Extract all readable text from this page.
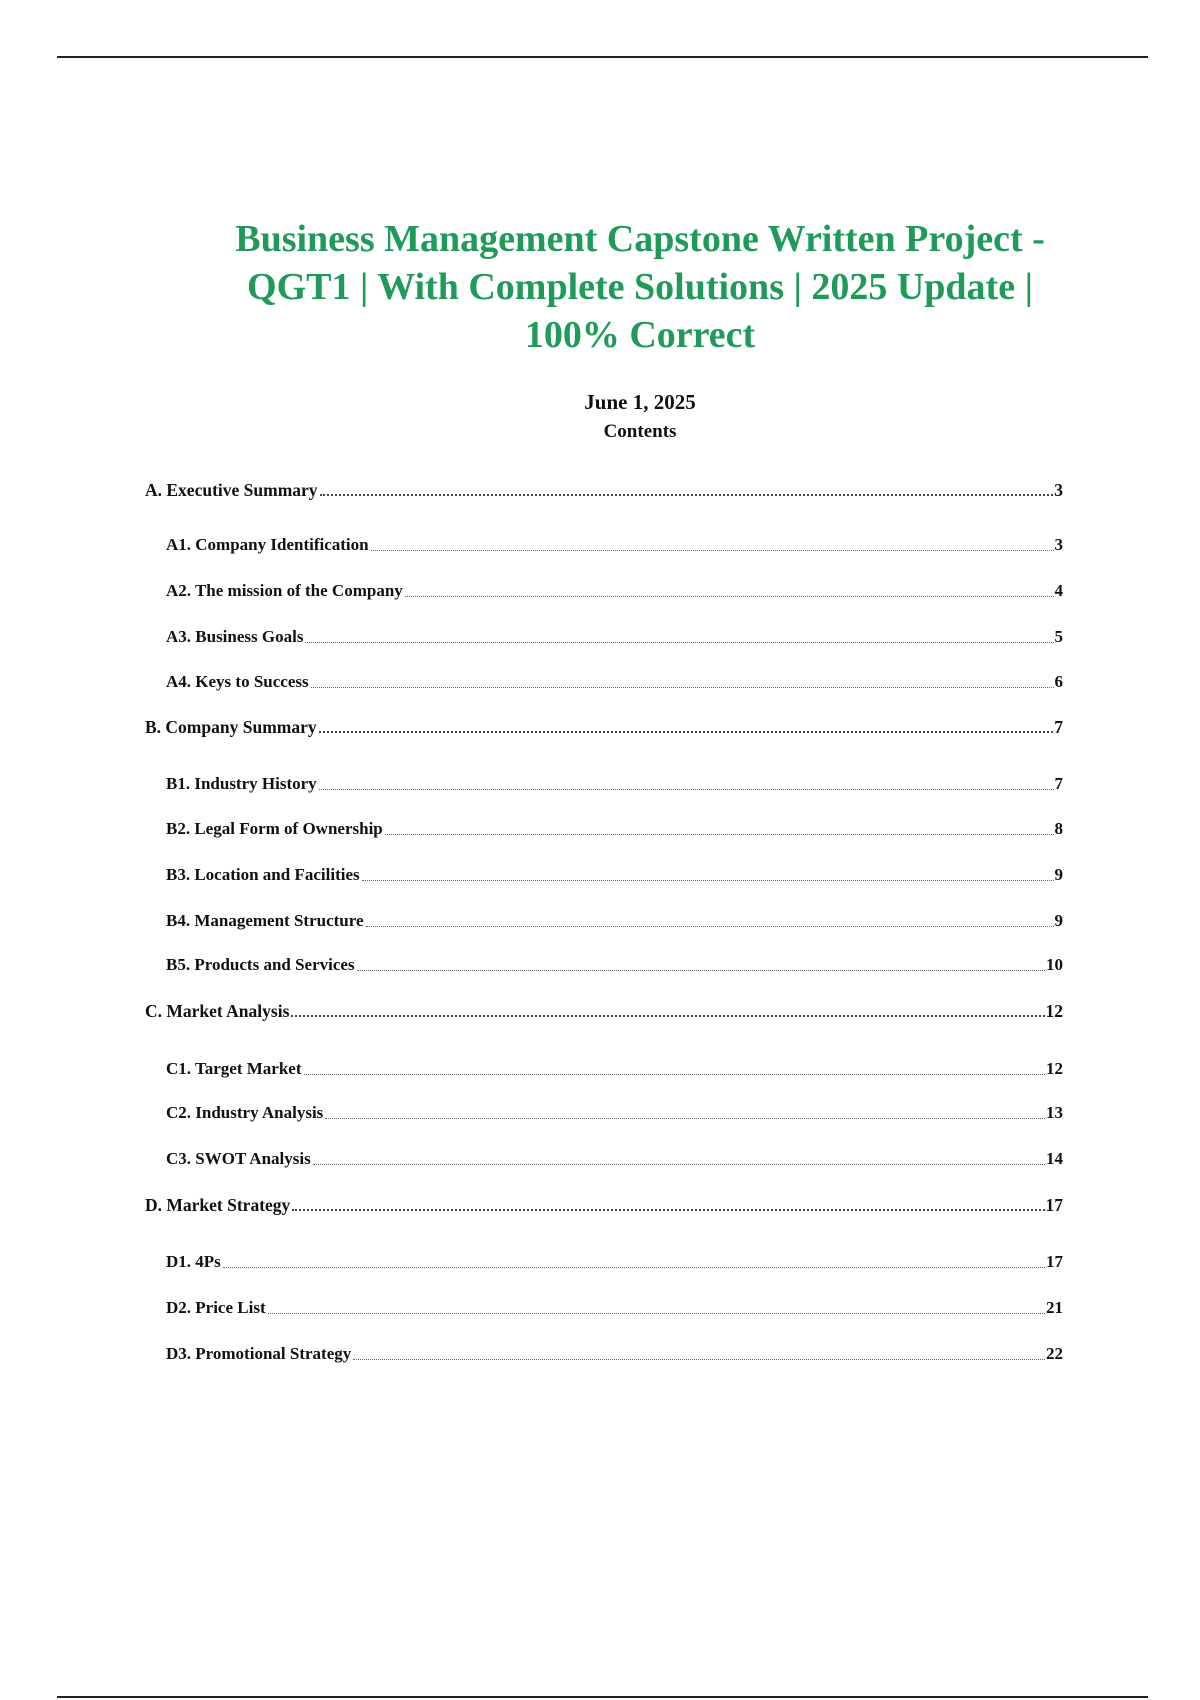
Business Management Capstone Written Project -
QGT1 | With Complete Solutions | 2025 Update |
100% Correct
June 1, 2025
Contents
A. Executive Summary	3
A1. Company Identification	3
A2. The mission of the Company	4
A3. Business Goals	5
A4. Keys to Success	6
B. Company Summary	7
B1. Industry History	7
B2. Legal Form of Ownership	8
B3. Location and Facilities	9
B4. Management Structure	9
B5. Products and Services	10
C. Market Analysis	12
C1. Target Market	12
C2. Industry Analysis	13
C3. SWOT Analysis	14
D. Market Strategy	17
D1. 4Ps	17
D2. Price List	21
D3. Promotional Strategy	22
